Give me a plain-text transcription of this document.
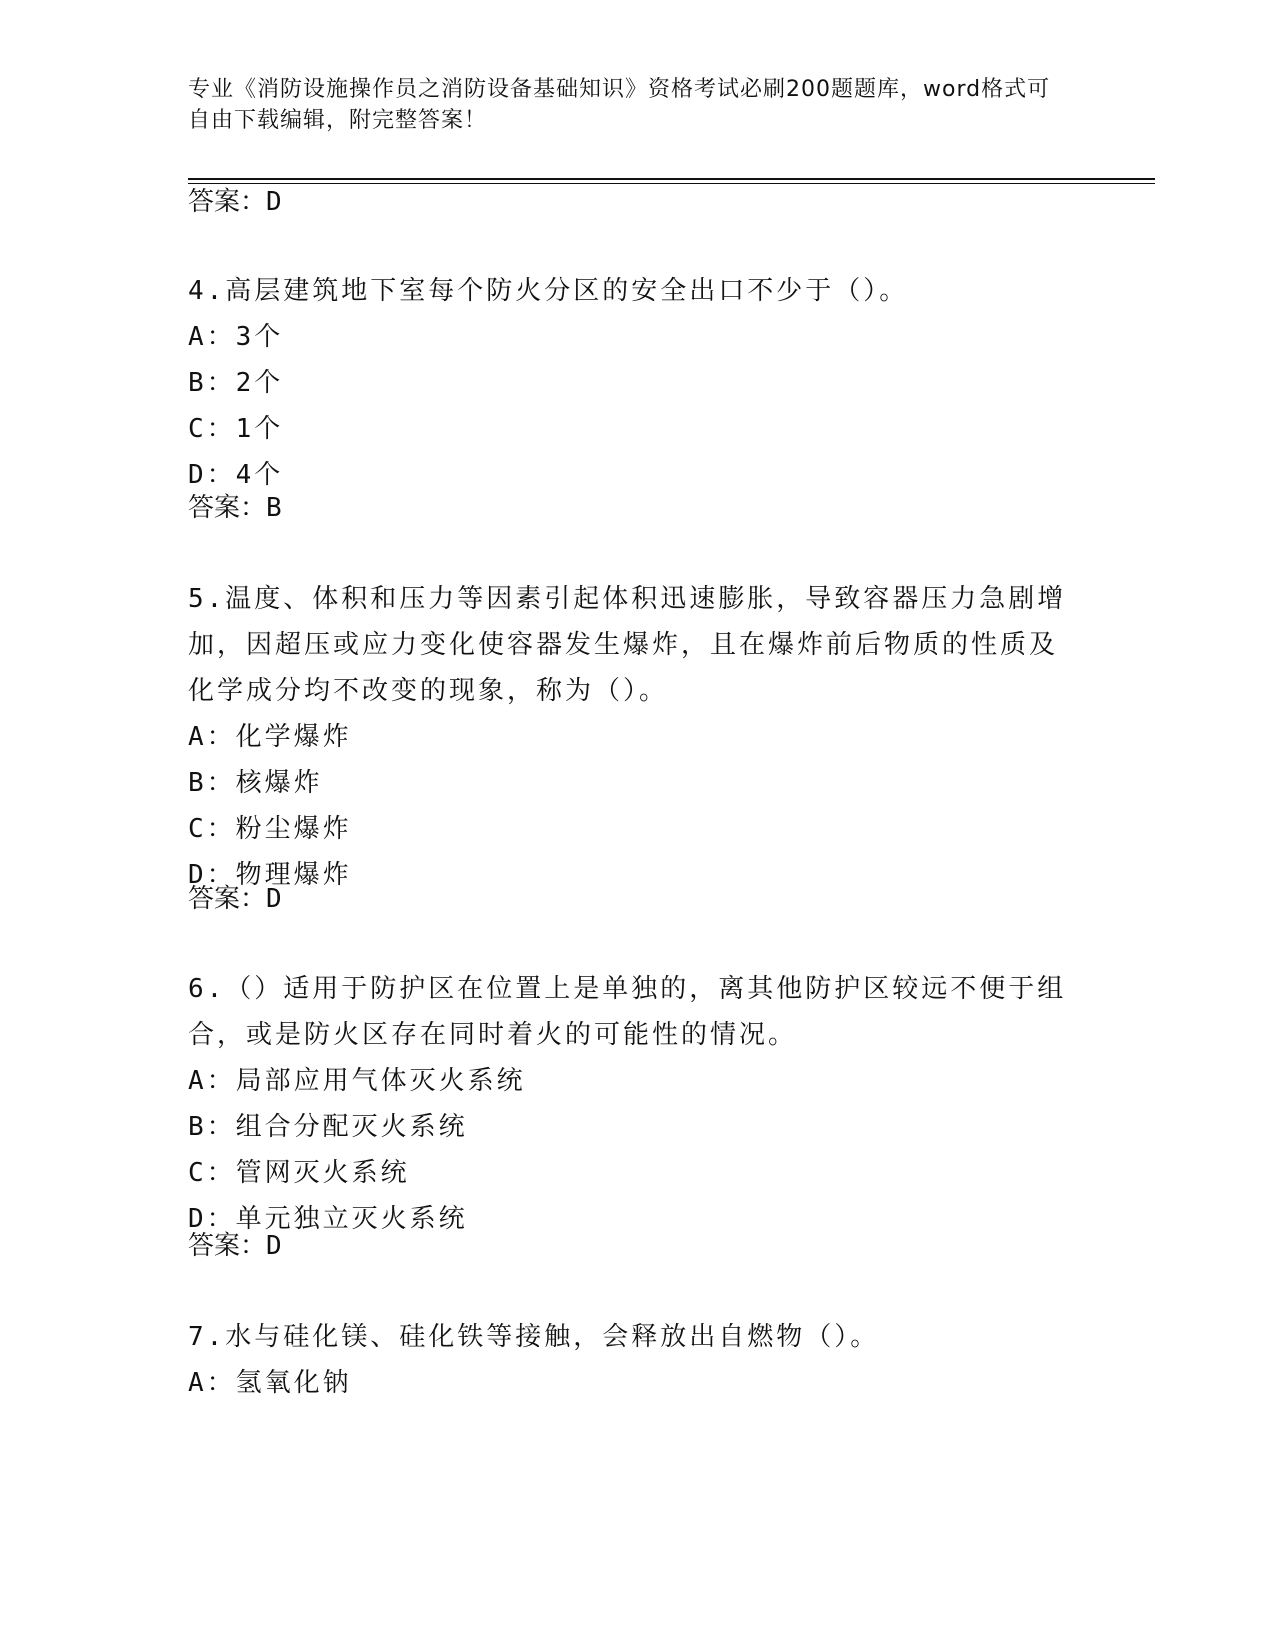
专业《消防设施操作员之消防设备基础知识》资格考试必刷200题题库，word格式可自由下载编辑，附完整答案！
答案：D
4.高层建筑地下室每个防火分区的安全出口不少于（）。
A：3个
B：2个
C：1个
D：4个
答案：B
5.温度、体积和压力等因素引起体积迅速膨胀，导致容器压力急剧增加，因超压或应力变化使容器发生爆炸，且在爆炸前后物质的性质及化学成分均不改变的现象，称为（）。
A：化学爆炸
B：核爆炸
C：粉尘爆炸
D：物理爆炸
答案：D
6.（）适用于防护区在位置上是单独的，离其他防护区较远不便于组合，或是防火区存在同时着火的可能性的情况。
A：局部应用气体灭火系统
B：组合分配灭火系统
C：管网灭火系统
D：单元独立灭火系统
答案：D
7.水与硅化镁、硅化铁等接触，会释放出自燃物（）。
A：氢氧化钠
